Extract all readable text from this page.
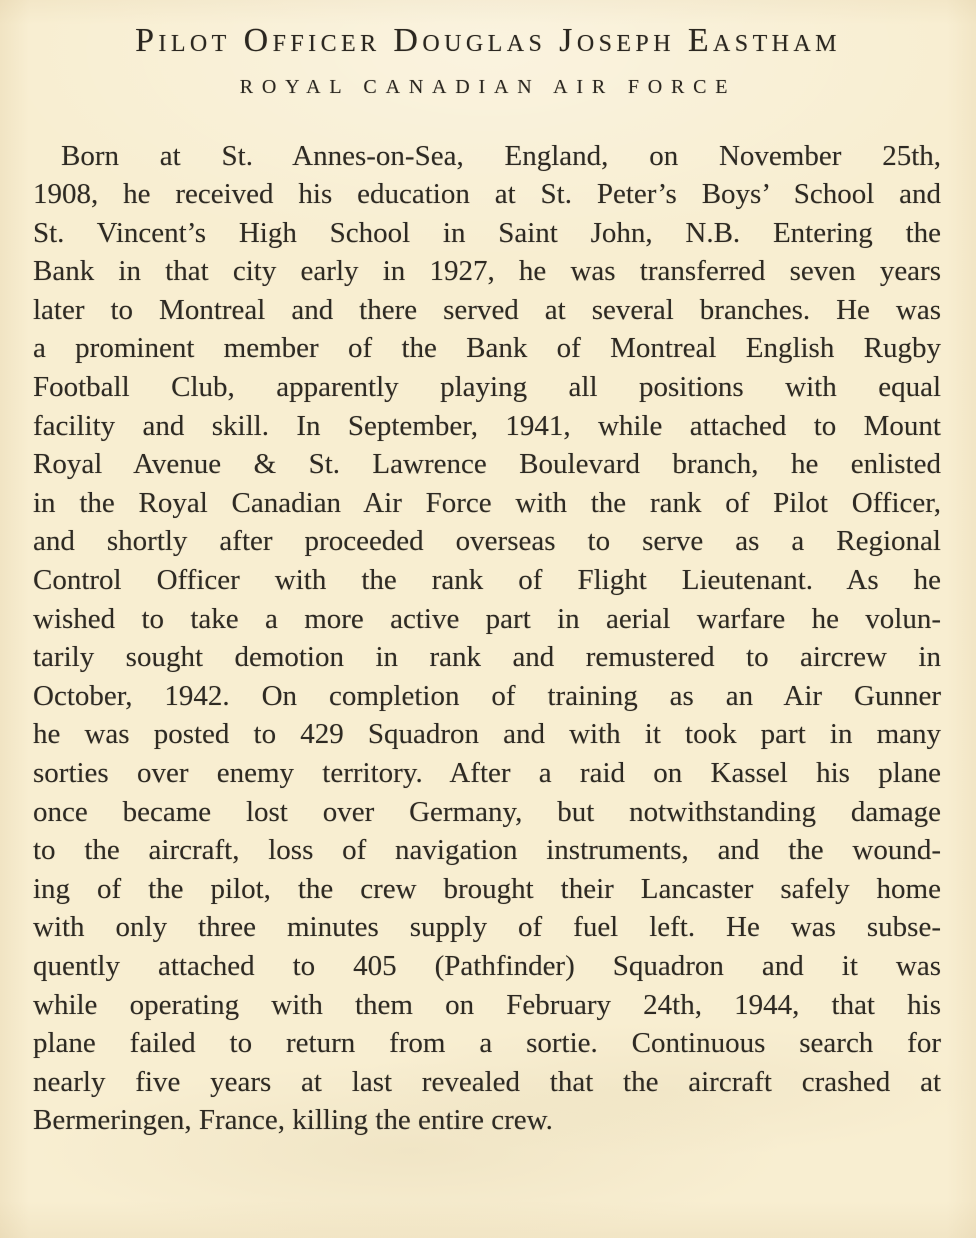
Pilot Officer Douglas Joseph Eastham
ROYAL CANADIAN AIR FORCE
Born at St. Annes-on-Sea, England, on November 25th,
1908, he received his education at St. Peter’s Boys’ School and
St. Vincent’s High School in Saint John, N.B. Entering the
Bank in that city early in 1927, he was transferred seven years
later to Montreal and there served at several branches. He was
a prominent member of the Bank of Montreal English Rugby
Football Club, apparently playing all positions with equal
facility and skill. In September, 1941, while attached to Mount
Royal Avenue & St. Lawrence Boulevard branch, he enlisted
in the Royal Canadian Air Force with the rank of Pilot Officer,
and shortly after proceeded overseas to serve as a Regional
Control Officer with the rank of Flight Lieutenant. As he
wished to take a more active part in aerial warfare he volun-
tarily sought demotion in rank and remustered to aircrew in
October, 1942. On completion of training as an Air Gunner
he was posted to 429 Squadron and with it took part in many
sorties over enemy territory. After a raid on Kassel his plane
once became lost over Germany, but notwithstanding damage
to the aircraft, loss of navigation instruments, and the wound-
ing of the pilot, the crew brought their Lancaster safely home
with only three minutes supply of fuel left. He was subse-
quently attached to 405 (Pathfinder) Squadron and it was
while operating with them on February 24th, 1944, that his
plane failed to return from a sortie. Continuous search for
nearly five years at last revealed that the aircraft crashed at
Bermeringen, France, killing the entire crew.
